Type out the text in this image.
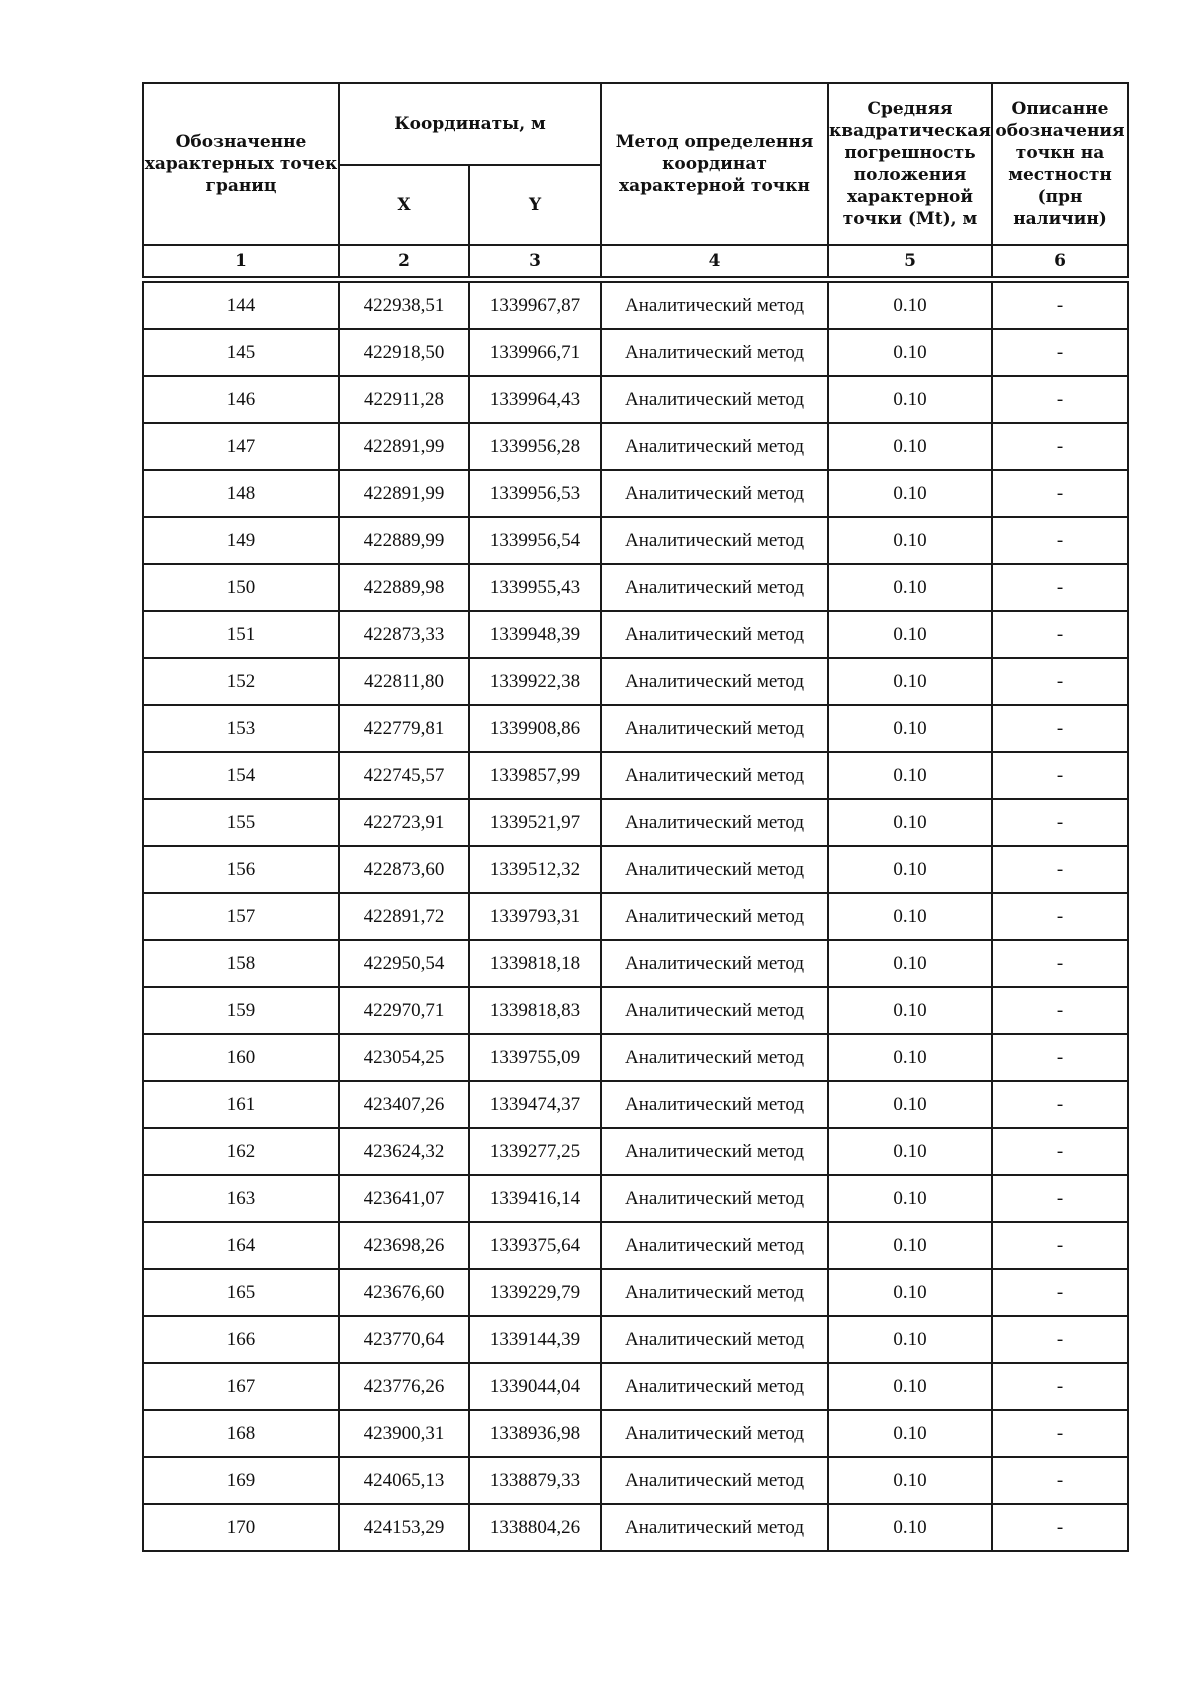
Обозначенне характерных точек границ	Координаты, м		Метод определення координат характерной точкн	Средняя квадратическая погрешность положения характерной точки (Mt), м	Описанне обозначения точкн на местностн (прн наличин)
	X	Y			
1	2	3	4	5	6

144	422938,51	1339967,87	Аналитический метод	0.10	-
145	422918,50	1339966,71	Аналитический метод	0.10	-
146	422911,28	1339964,43	Аналитический метод	0.10	-
147	422891,99	1339956,28	Аналитический метод	0.10	-
148	422891,99	1339956,53	Аналитический метод	0.10	-
149	422889,99	1339956,54	Аналитический метод	0.10	-
150	422889,98	1339955,43	Аналитический метод	0.10	-
151	422873,33	1339948,39	Аналитический метод	0.10	-
152	422811,80	1339922,38	Аналитический метод	0.10	-
153	422779,81	1339908,86	Аналитический метод	0.10	-
154	422745,57	1339857,99	Аналитический метод	0.10	-
155	422723,91	1339521,97	Аналитический метод	0.10	-
156	422873,60	1339512,32	Аналитический метод	0.10	-
157	422891,72	1339793,31	Аналитический метод	0.10	-
158	422950,54	1339818,18	Аналитический метод	0.10	-
159	422970,71	1339818,83	Аналитический метод	0.10	-
160	423054,25	1339755,09	Аналитический метод	0.10	-
161	423407,26	1339474,37	Аналитический метод	0.10	-
162	423624,32	1339277,25	Аналитический метод	0.10	-
163	423641,07	1339416,14	Аналитический метод	0.10	-
164	423698,26	1339375,64	Аналитический метод	0.10	-
165	423676,60	1339229,79	Аналитический метод	0.10	-
166	423770,64	1339144,39	Аналитический метод	0.10	-
167	423776,26	1339044,04	Аналитический метод	0.10	-
168	423900,31	1338936,98	Аналитический метод	0.10	-
169	424065,13	1338879,33	Аналитический метод	0.10	-
170	424153,29	1338804,26	Аналитический метод	0.10	-
